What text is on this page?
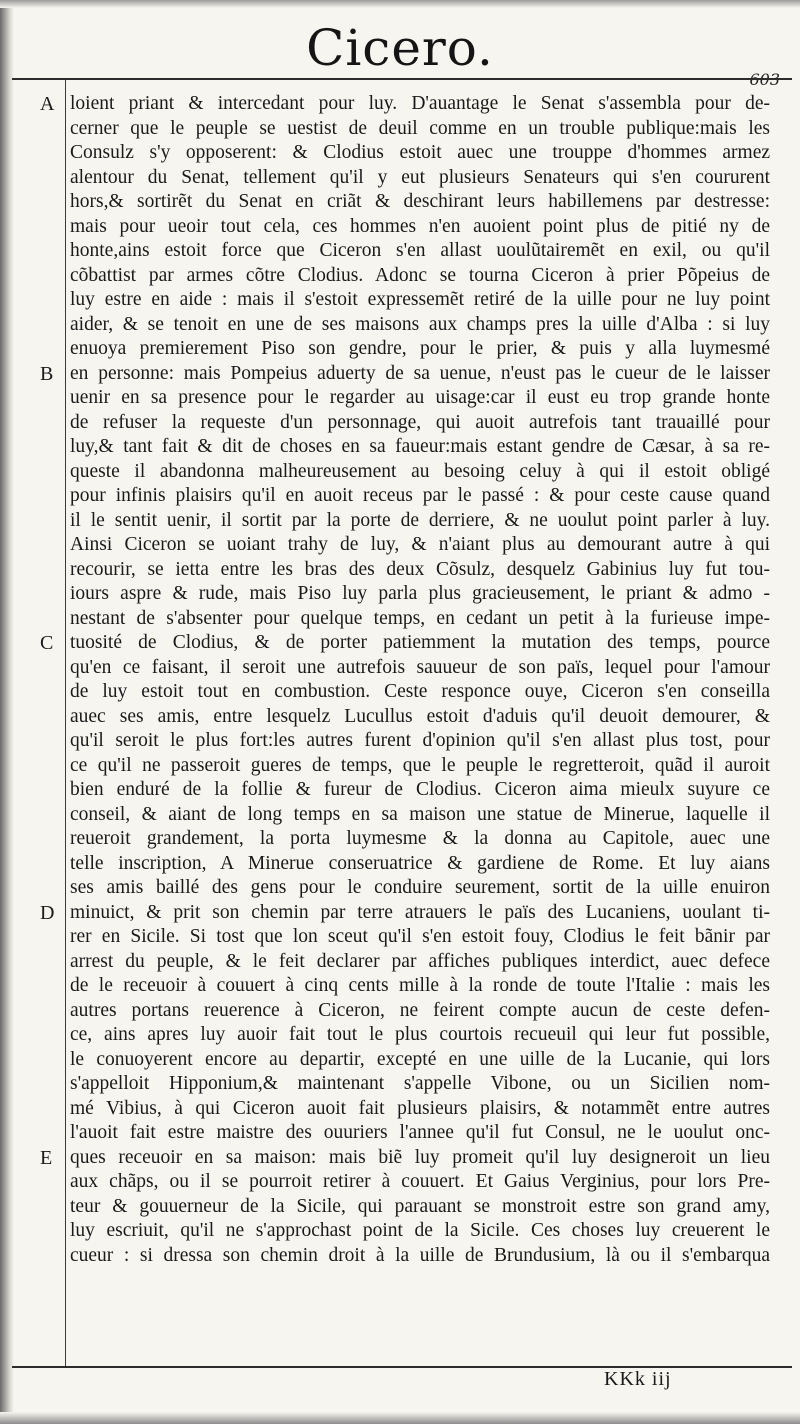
Cicero.
A
B
C
D
E
loient priant & intercedant pour luy. D'auantage le Senat s'assembla pour de-
cerner que le peuple se uestist de deuil comme en un trouble publique:mais les
Consulz s'y opposerent: & Clodius estoit auec une trouppe d'hommes armez
alentour du Senat, tellement qu'il y eut plusieurs Senateurs qui s'en coururent
hors,& sortirẽt du Senat en criãt & deschirant leurs habillemens par destresse:
mais pour ueoir tout cela, ces hommes n'en auoient point plus de pitié ny de
honte,ains estoit force que Ciceron s'en allast uoulũtairemẽt en exil, ou qu'il
cõbattist par armes cõtre Clodius. Adonc se tourna Ciceron à prier Põpeius de
luy estre en aide : mais il s'estoit expressemẽt retiré de la uille pour ne luy point
aider, & se tenoit en une de ses maisons aux champs pres la uille d'Alba : si luy
enuoya premierement Piso son gendre, pour le prier, & puis y alla luymesmé
en personne: mais Pompeius aduerty de sa uenue, n'eust pas le cueur de le laisser
uenir en sa presence pour le regarder au uisage:car il eust eu trop grande honte
de refuser la requeste d'un personnage, qui auoit autrefois tant trauaillé pour
luy,& tant fait & dit de choses en sa faueur:mais estant gendre de Cæsar, à sa re-
queste il abandonna malheureusement au besoing celuy à qui il estoit obligé
pour infinis plaisirs qu'il en auoit receus par le passé : & pour ceste cause quand
il le sentit uenir, il sortit par la porte de derriere, & ne uoulut point parler à luy.
Ainsi Ciceron se uoiant trahy de luy, & n'aiant plus au demourant autre à qui
recourir, se ietta entre les bras des deux Cõsulz, desquelz Gabinius luy fut tou-
iours aspre & rude, mais Piso luy parla plus gracieusement, le priant & admo -
nestant de s'absenter pour quelque temps, en cedant un petit à la furieuse impe-
tuosité de Clodius, & de porter patiemment la mutation des temps, pource
qu'en ce faisant, il seroit une autrefois sauueur de son païs, lequel pour l'amour
de luy estoit tout en combustion. Ceste responce ouye, Ciceron s'en conseilla
auec ses amis, entre lesquelz Lucullus estoit d'aduis qu'il deuoit demourer, &
qu'il seroit le plus fort:les autres furent d'opinion qu'il s'en allast plus tost, pour
ce qu'il ne passeroit gueres de temps, que le peuple le regretteroit, quãd il auroit
bien enduré de la follie & fureur de Clodius. Ciceron aima mieulx suyure ce
conseil, & aiant de long temps en sa maison une statue de Minerue, laquelle il
reueroit grandement, la porta luymesme & la donna au Capitole, auec une
telle inscription, A Minerue conseruatrice & gardiene de Rome. Et luy aians
ses amis baillé des gens pour le conduire seurement, sortit de la uille enuiron
minuict, & prit son chemin par terre atrauers le païs des Lucaniens, uoulant ti-
rer en Sicile. Si tost que lon sceut qu'il s'en estoit fouy, Clodius le feit bãnir par
arrest du peuple, & le feit declarer par affiches publiques interdict, auec defece
de le receuoir à couuert à cinq cents mille à la ronde de toute l'Italie : mais les
autres portans reuerence à Ciceron, ne feirent compte aucun de ceste defen-
ce, ains apres luy auoir fait tout le plus courtois recueuil qui leur fut possible,
le conuoyerent encore au departir, excepté en une uille de la Lucanie, qui lors
s'appelloit Hipponium,& maintenant s'appelle Vibone, ou un Sicilien nom-
mé Vibius, à qui Ciceron auoit fait plusieurs plaisirs, & notammẽt entre autres
l'auoit fait estre maistre des ouuriers l'annee qu'il fut Consul, ne le uoulut onc-
ques receuoir en sa maison: mais biẽ luy promeit qu'il luy designeroit un lieu
aux chãps, ou il se pourroit retirer à couuert. Et Gaius Verginius, pour lors Pre-
teur & gouuerneur de la Sicile, qui parauant se monstroit estre son grand amy,
luy escriuit, qu'il ne s'approchast point de la Sicile. Ces choses luy creuerent le
cueur : si dressa son chemin droit à la uille de Brundusium, là ou il s'embarqua
KKk iij
